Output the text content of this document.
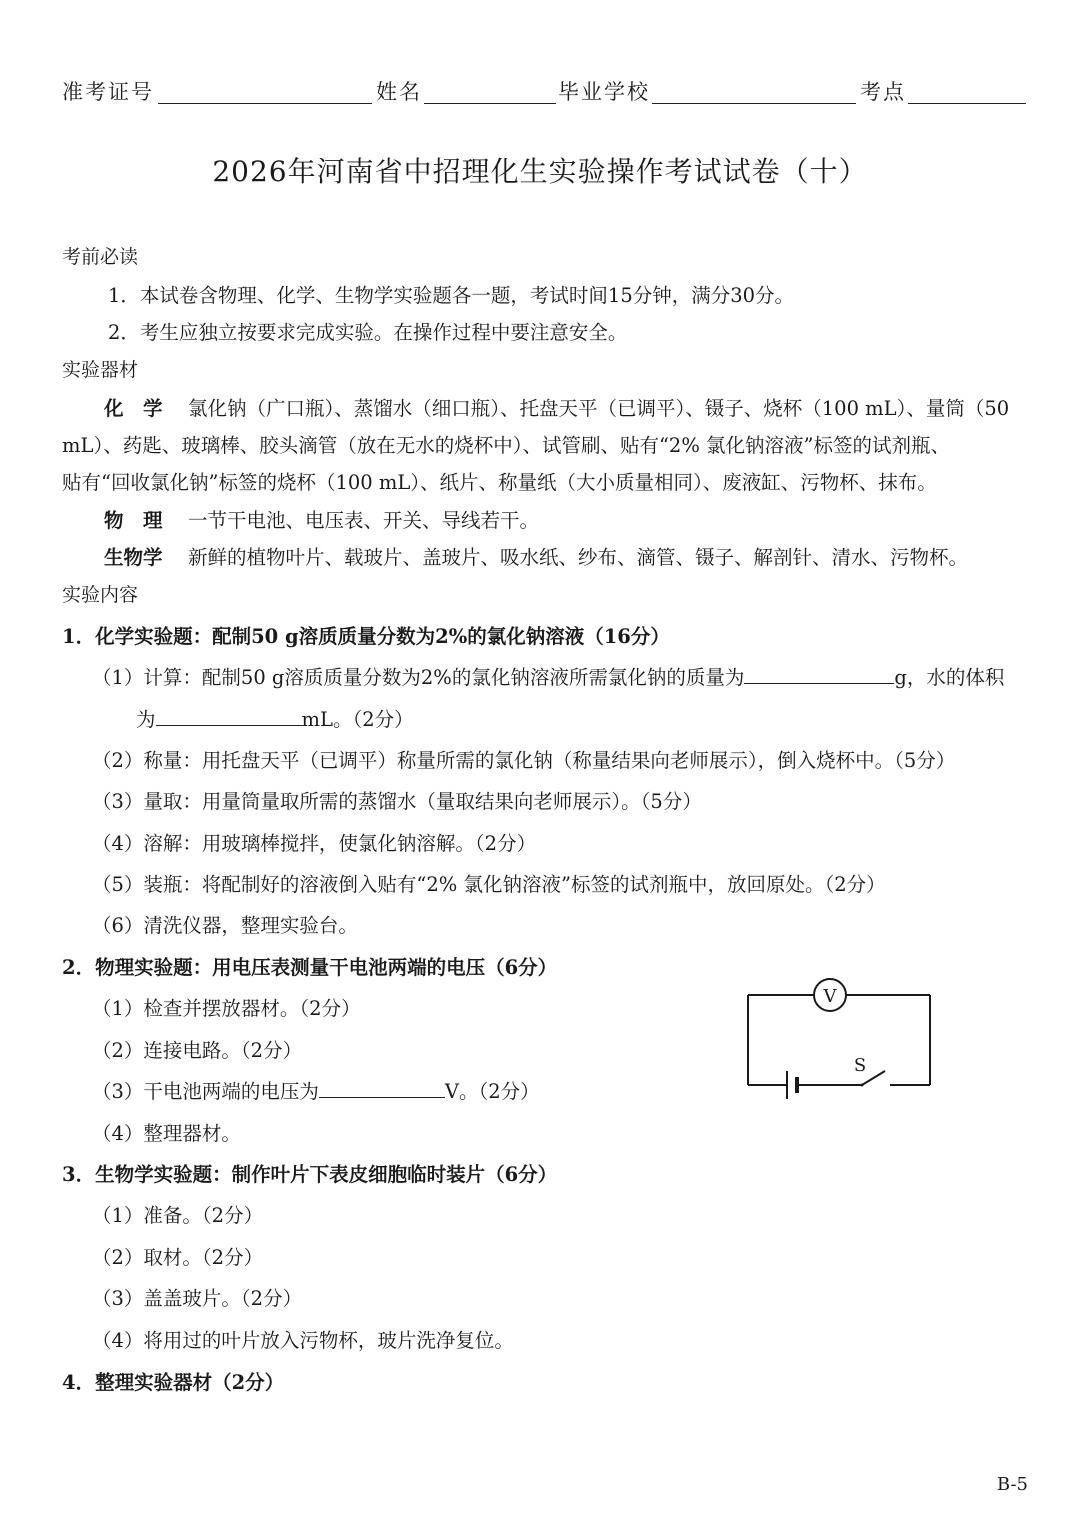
准考证号	姓名	毕业学校	考点
2026年河南省中招理化生实验操作考试试卷（十）
考前必读
1．本试卷含物理、化学、生物学实验题各一题，考试时间15分钟，满分30分。
2．考生应独立按要求完成实验。在操作过程中要注意安全。
实验器材
化　学 氯化钠（广口瓶）、蒸馏水（细口瓶）、托盘天平（已调平）、镊子、烧杯（100 mL）、量筒（50
mL）、药匙、玻璃棒、胶头滴管（放在无水的烧杯中）、试管刷、贴有“2% 氯化钠溶液”标签的试剂瓶、
贴有“回收氯化钠”标签的烧杯（100 mL）、纸片、称量纸（大小质量相同）、废液缸、污物杯、抹布。
物　理 一节干电池、电压表、开关、导线若干。
生物学 新鲜的植物叶片、载玻片、盖玻片、吸水纸、纱布、滴管、镊子、解剖针、清水、污物杯。
实验内容
1．化学实验题：配制50 g溶质质量分数为2%的氯化钠溶液（16分）
（1）计算：配制50 g溶质质量分数为2%的氯化钠溶液所需氯化钠的质量为	g，水的体积
为	mL。（2分）
（2）称量：用托盘天平（已调平）称量所需的氯化钠（称量结果向老师展示），倒入烧杯中。（5分）
（3）量取：用量筒量取所需的蒸馏水（量取结果向老师展示）。（5分）
（4）溶解：用玻璃棒搅拌，使氯化钠溶解。（2分）
（5）装瓶：将配制好的溶液倒入贴有“2% 氯化钠溶液”标签的试剂瓶中，放回原处。（2分）
（6）清洗仪器，整理实验台。
2．物理实验题：用电压表测量干电池两端的电压（6分）
（1）检查并摆放器材。（2分）
（2）连接电路。（2分）
（3）干电池两端的电压为	V。（2分）
（4）整理器材。
V
S
3．生物学实验题：制作叶片下表皮细胞临时装片（6分）
（1）准备。（2分）
（2）取材。（2分）
（3）盖盖玻片。（2分）
（4）将用过的叶片放入污物杯，玻片洗净复位。
4．整理实验器材（2分）
B-5
